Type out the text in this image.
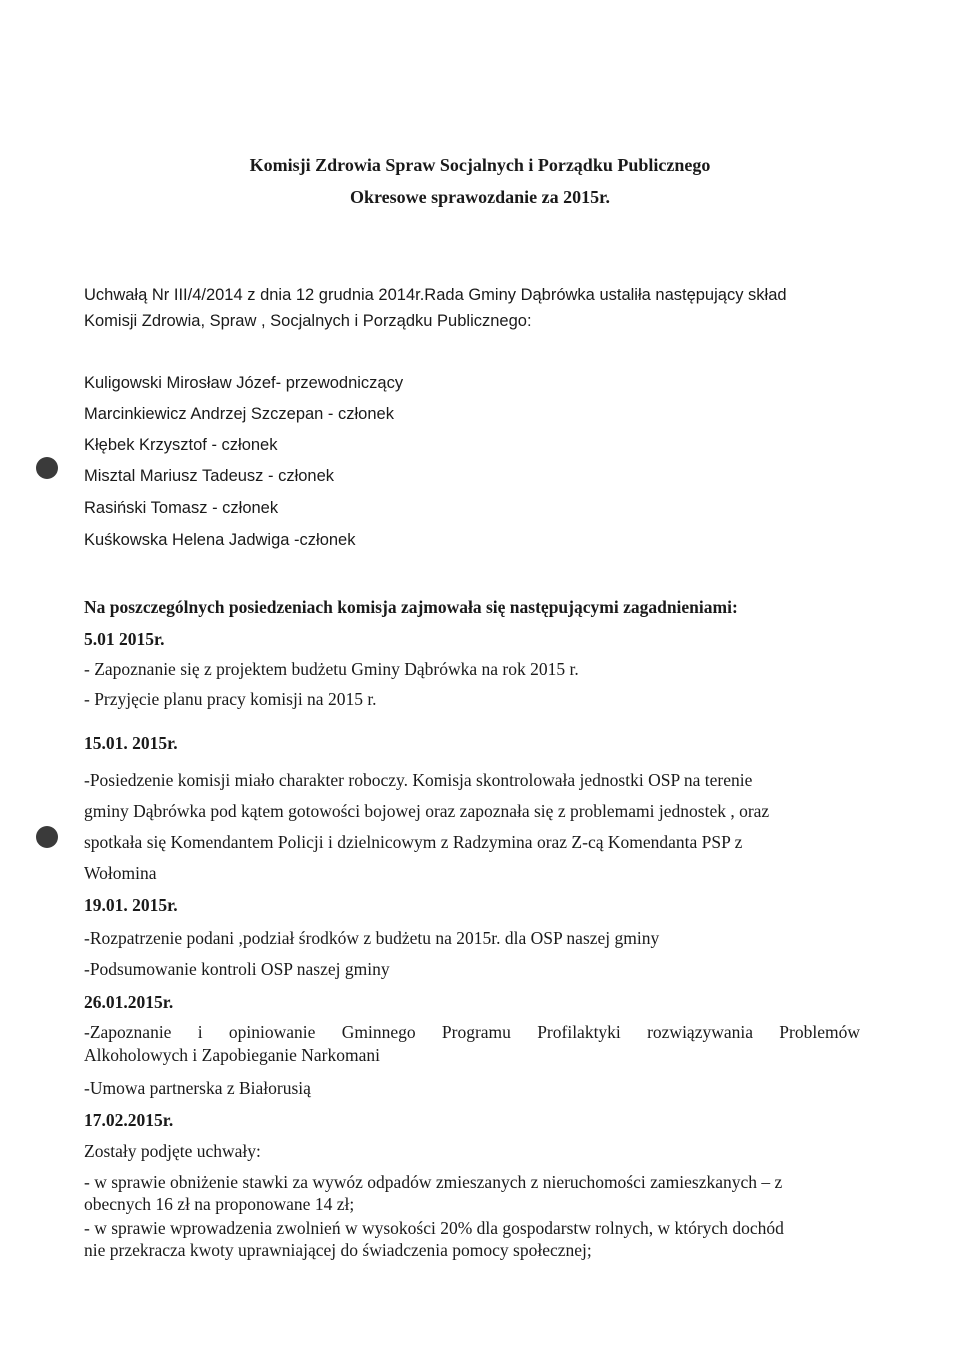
Komisji Zdrowia Spraw Socjalnych i Porządku Publicznego
Okresowe sprawozdanie za 2015r.
Uchwałą Nr III/4/2014 z dnia 12 grudnia 2014r.Rada Gminy Dąbrówka ustaliła następujący skład
Komisji Zdrowia, Spraw , Socjalnych i Porządku Publicznego:
Kuligowski Mirosław Józef- przewodniczący
Marcinkiewicz Andrzej Szczepan - członek
Kłębek Krzysztof - członek
Misztal Mariusz Tadeusz - członek
Rasiński Tomasz - członek
Kuśkowska Helena Jadwiga -członek
Na poszczególnych posiedzeniach komisja zajmowała się następującymi zagadnieniami:
5.01 2015r.
- Zapoznanie się z projektem budżetu Gminy Dąbrówka na rok 2015 r.
- Przyjęcie planu pracy komisji na 2015 r.
15.01. 2015r.
-Posiedzenie komisji miało charakter roboczy. Komisja skontrolowała jednostki OSP na terenie
gminy Dąbrówka pod kątem gotowości bojowej oraz zapoznała się z problemami jednostek , oraz
spotkała się Komendantem Policji i dzielnicowym z Radzymina oraz Z-cą Komendanta PSP z
Wołomina
19.01. 2015r.
-Rozpatrzenie podani ,podział środków z budżetu na 2015r. dla OSP naszej gminy
-Podsumowanie kontroli OSP naszej gminy
26.01.2015r.
-Zapoznanie i opiniowanie Gminnego Programu Profilaktyki rozwiązywania Problemów
Alkoholowych i Zapobieganie Narkomani
-Umowa partnerska z Białorusią
17.02.2015r.
Zostały podjęte uchwały:
- w sprawie obniżenie stawki za wywóz odpadów zmieszanych z nieruchomości zamieszkanych – z
obecnych 16 zł na proponowane 14 zł;
- w sprawie wprowadzenia zwolnień w wysokości 20% dla gospodarstw rolnych, w których dochód
nie przekracza kwoty uprawniającej do świadczenia pomocy społecznej;
